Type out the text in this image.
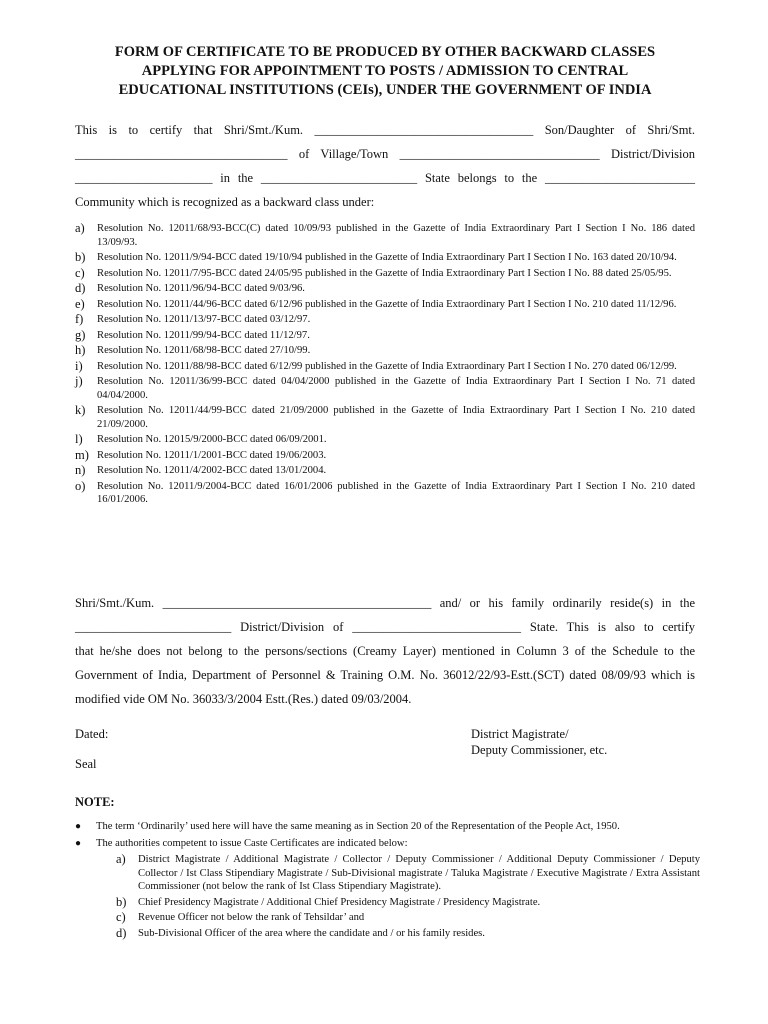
FORM OF CERTIFICATE TO BE PRODUCED BY OTHER BACKWARD CLASSES
APPLYING FOR APPOINTMENT TO POSTS / ADMISSION TO CENTRAL
EDUCATIONAL INSTITUTIONS (CEIs), UNDER THE GOVERNMENT OF INDIA
This is to certify that Shri/Smt./Kum. ___________________________________ Son/Daughter of Shri/Smt.
__________________________________ of Village/Town ________________________________ District/Division
______________________ in the _________________________ State belongs to the ________________________
Community which is recognized as a backward class under:
a)	Resolution No. 12011/68/93-BCC(C) dated 10/09/93 published in the Gazette of India Extraordinary Part I Section I No. 186 dated 13/09/93.
b)	Resolution No. 12011/9/94-BCC dated 19/10/94 published in the Gazette of India Extraordinary Part I Section I No. 163 dated 20/10/94.
c)	Resolution No. 12011/7/95-BCC dated 24/05/95 published in the Gazette of India Extraordinary Part I Section I No. 88 dated 25/05/95.
d)	Resolution No. 12011/96/94-BCC dated 9/03/96.
e)	Resolution No. 12011/44/96-BCC dated 6/12/96 published in the Gazette of India Extraordinary Part I Section I No. 210 dated 11/12/96.
f)	Resolution No. 12011/13/97-BCC dated 03/12/97.
g)	Resolution No. 12011/99/94-BCC dated 11/12/97.
h)	Resolution No. 12011/68/98-BCC dated 27/10/99.
i)	Resolution No. 12011/88/98-BCC dated 6/12/99 published in the Gazette of India Extraordinary Part I Section I No. 270 dated 06/12/99.
j)	Resolution No. 12011/36/99-BCC dated 04/04/2000 published in the Gazette of India Extraordinary Part I Section I No. 71 dated 04/04/2000.
k)	Resolution No. 12011/44/99-BCC dated 21/09/2000 published in the Gazette of India Extraordinary Part I Section I No. 210 dated 21/09/2000.
l)	Resolution No. 12015/9/2000-BCC dated 06/09/2001.
m) Resolution No. 12011/1/2001-BCC dated 19/06/2003.
n)	Resolution No. 12011/4/2002-BCC dated 13/01/2004.
o)	Resolution No. 12011/9/2004-BCC dated 16/01/2006 published in the Gazette of India Extraordinary Part I Section I No. 210 dated 16/01/2006.
Shri/Smt./Kum. ___________________________________________ and/ or his family ordinarily reside(s) in the
_________________________ District/Division of ___________________________ State. This is also to certify
that he/she does not belong to the persons/sections (Creamy Layer) mentioned in Column 3 of the Schedule to the
Government of India, Department of Personnel & Training O.M. No. 36012/22/93-Estt.(SCT) dated 08/09/93 which is
modified vide OM No. 36033/3/2004 Estt.(Res.) dated 09/03/2004.
Dated:
Seal
District Magistrate/
Deputy Commissioner, etc.
NOTE:
●	The term ‘Ordinarily’ used here will have the same meaning as in Section 20 of the Representation of the People Act, 1950.
●	The authorities competent to issue Caste Certificates are indicated below:
a)	District Magistrate / Additional Magistrate / Collector / Deputy Commissioner / Additional Deputy Commissioner / Deputy Collector / Ist Class Stipendiary Magistrate / Sub-Divisional magistrate / Taluka Magistrate / Executive Magistrate / Extra Assistant Commissioner (not below the rank of Ist Class Stipendiary Magistrate).
b)	Chief Presidency Magistrate / Additional Chief Presidency Magistrate / Presidency Magistrate.
c)	Revenue Officer not below the rank of Tehsildar’ and
d)	Sub-Divisional Officer of the area where the candidate and / or his family resides.
